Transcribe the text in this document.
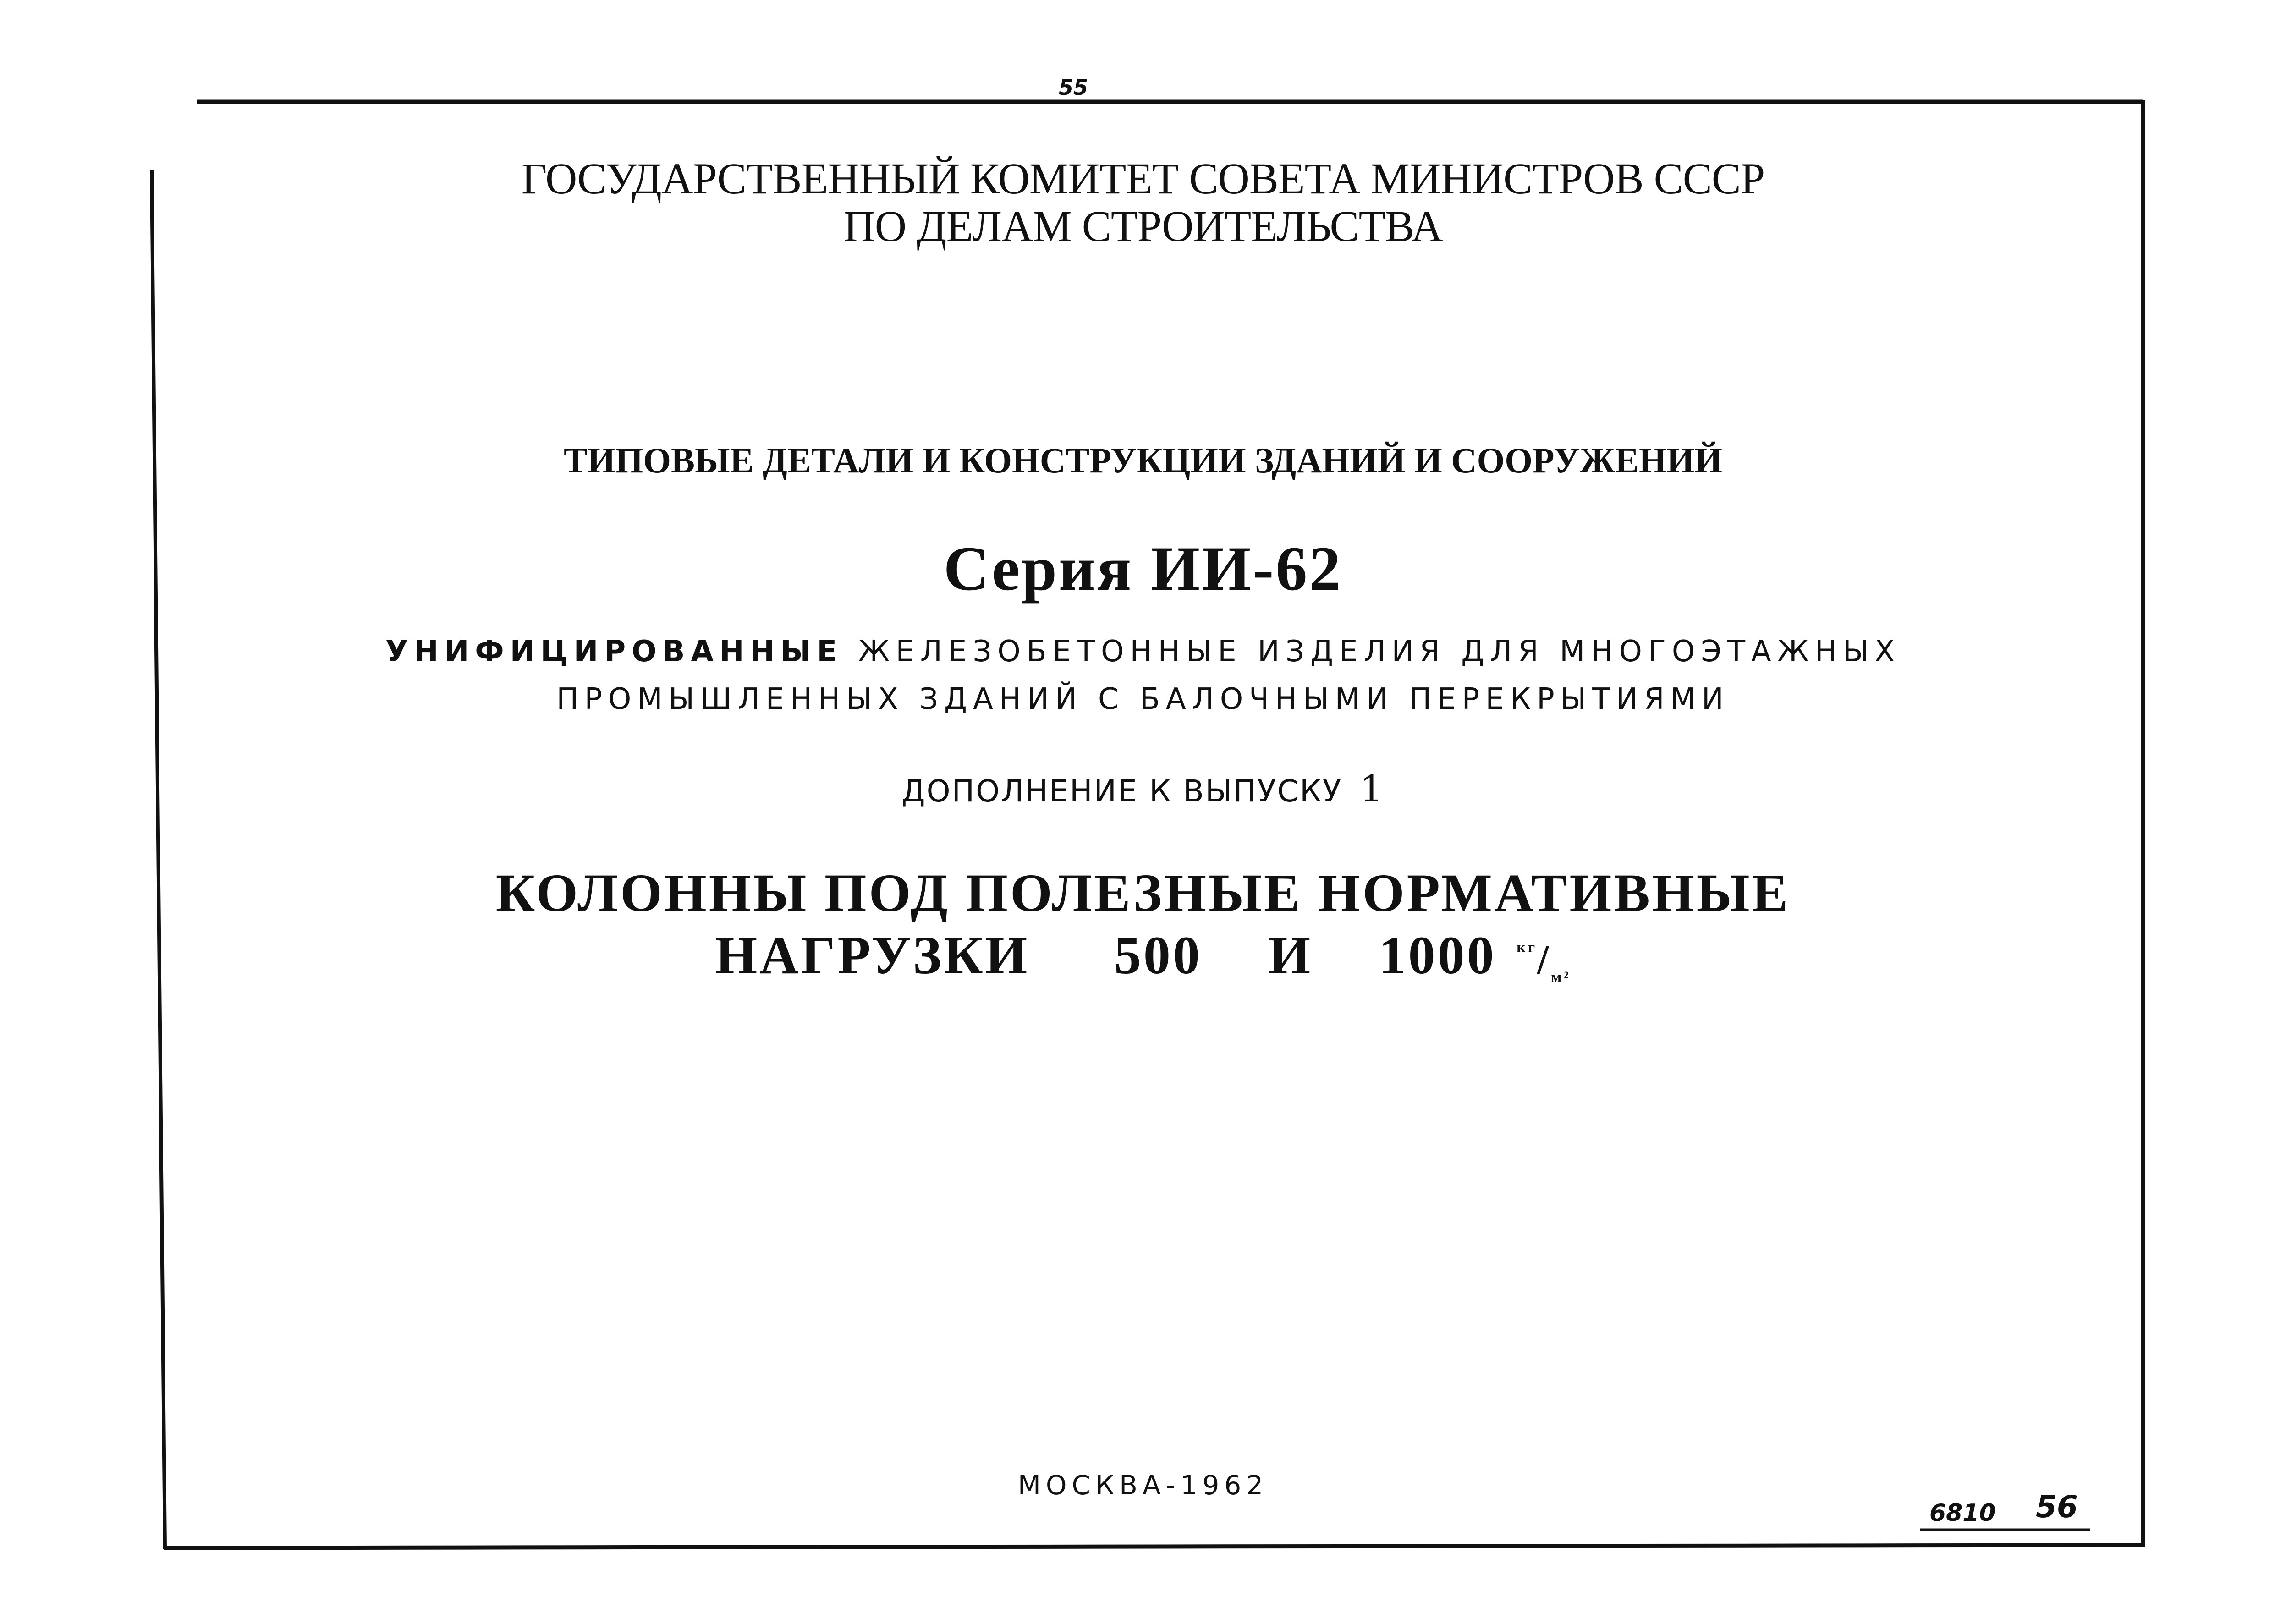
55
ГОСУДАРСТВЕННЫЙ КОМИТЕТ СОВЕТА МИНИСТРОВ СССР
ПО ДЕЛАМ СТРОИТЕЛЬСТВА
ТИПОВЫЕ ДЕТАЛИ И КОНСТРУКЦИИ ЗДАНИЙ И СООРУЖЕНИЙ
Серия ИИ-62
УНИФИЦИРОВАННЫЕ ЖЕЛЕЗОБЕТОННЫЕ ИЗДЕЛИЯ ДЛЯ МНОГОЭТАЖНЫХ
ПРОМЫШЛЕННЫХ ЗДАНИЙ С БАЛОЧНЫМИ ПЕРЕКРЫТИЯМИ
ДОПОЛНЕНИЕ К ВЫПУСКУ 1
КОЛОННЫ ПОД ПОЛЕЗНЫЕ НОРМАТИВНЫЕ
НАГРУЗКИ 500 И 1000 $^{кг}/_{м^2}$
МОСКВА-1962
6810 56
